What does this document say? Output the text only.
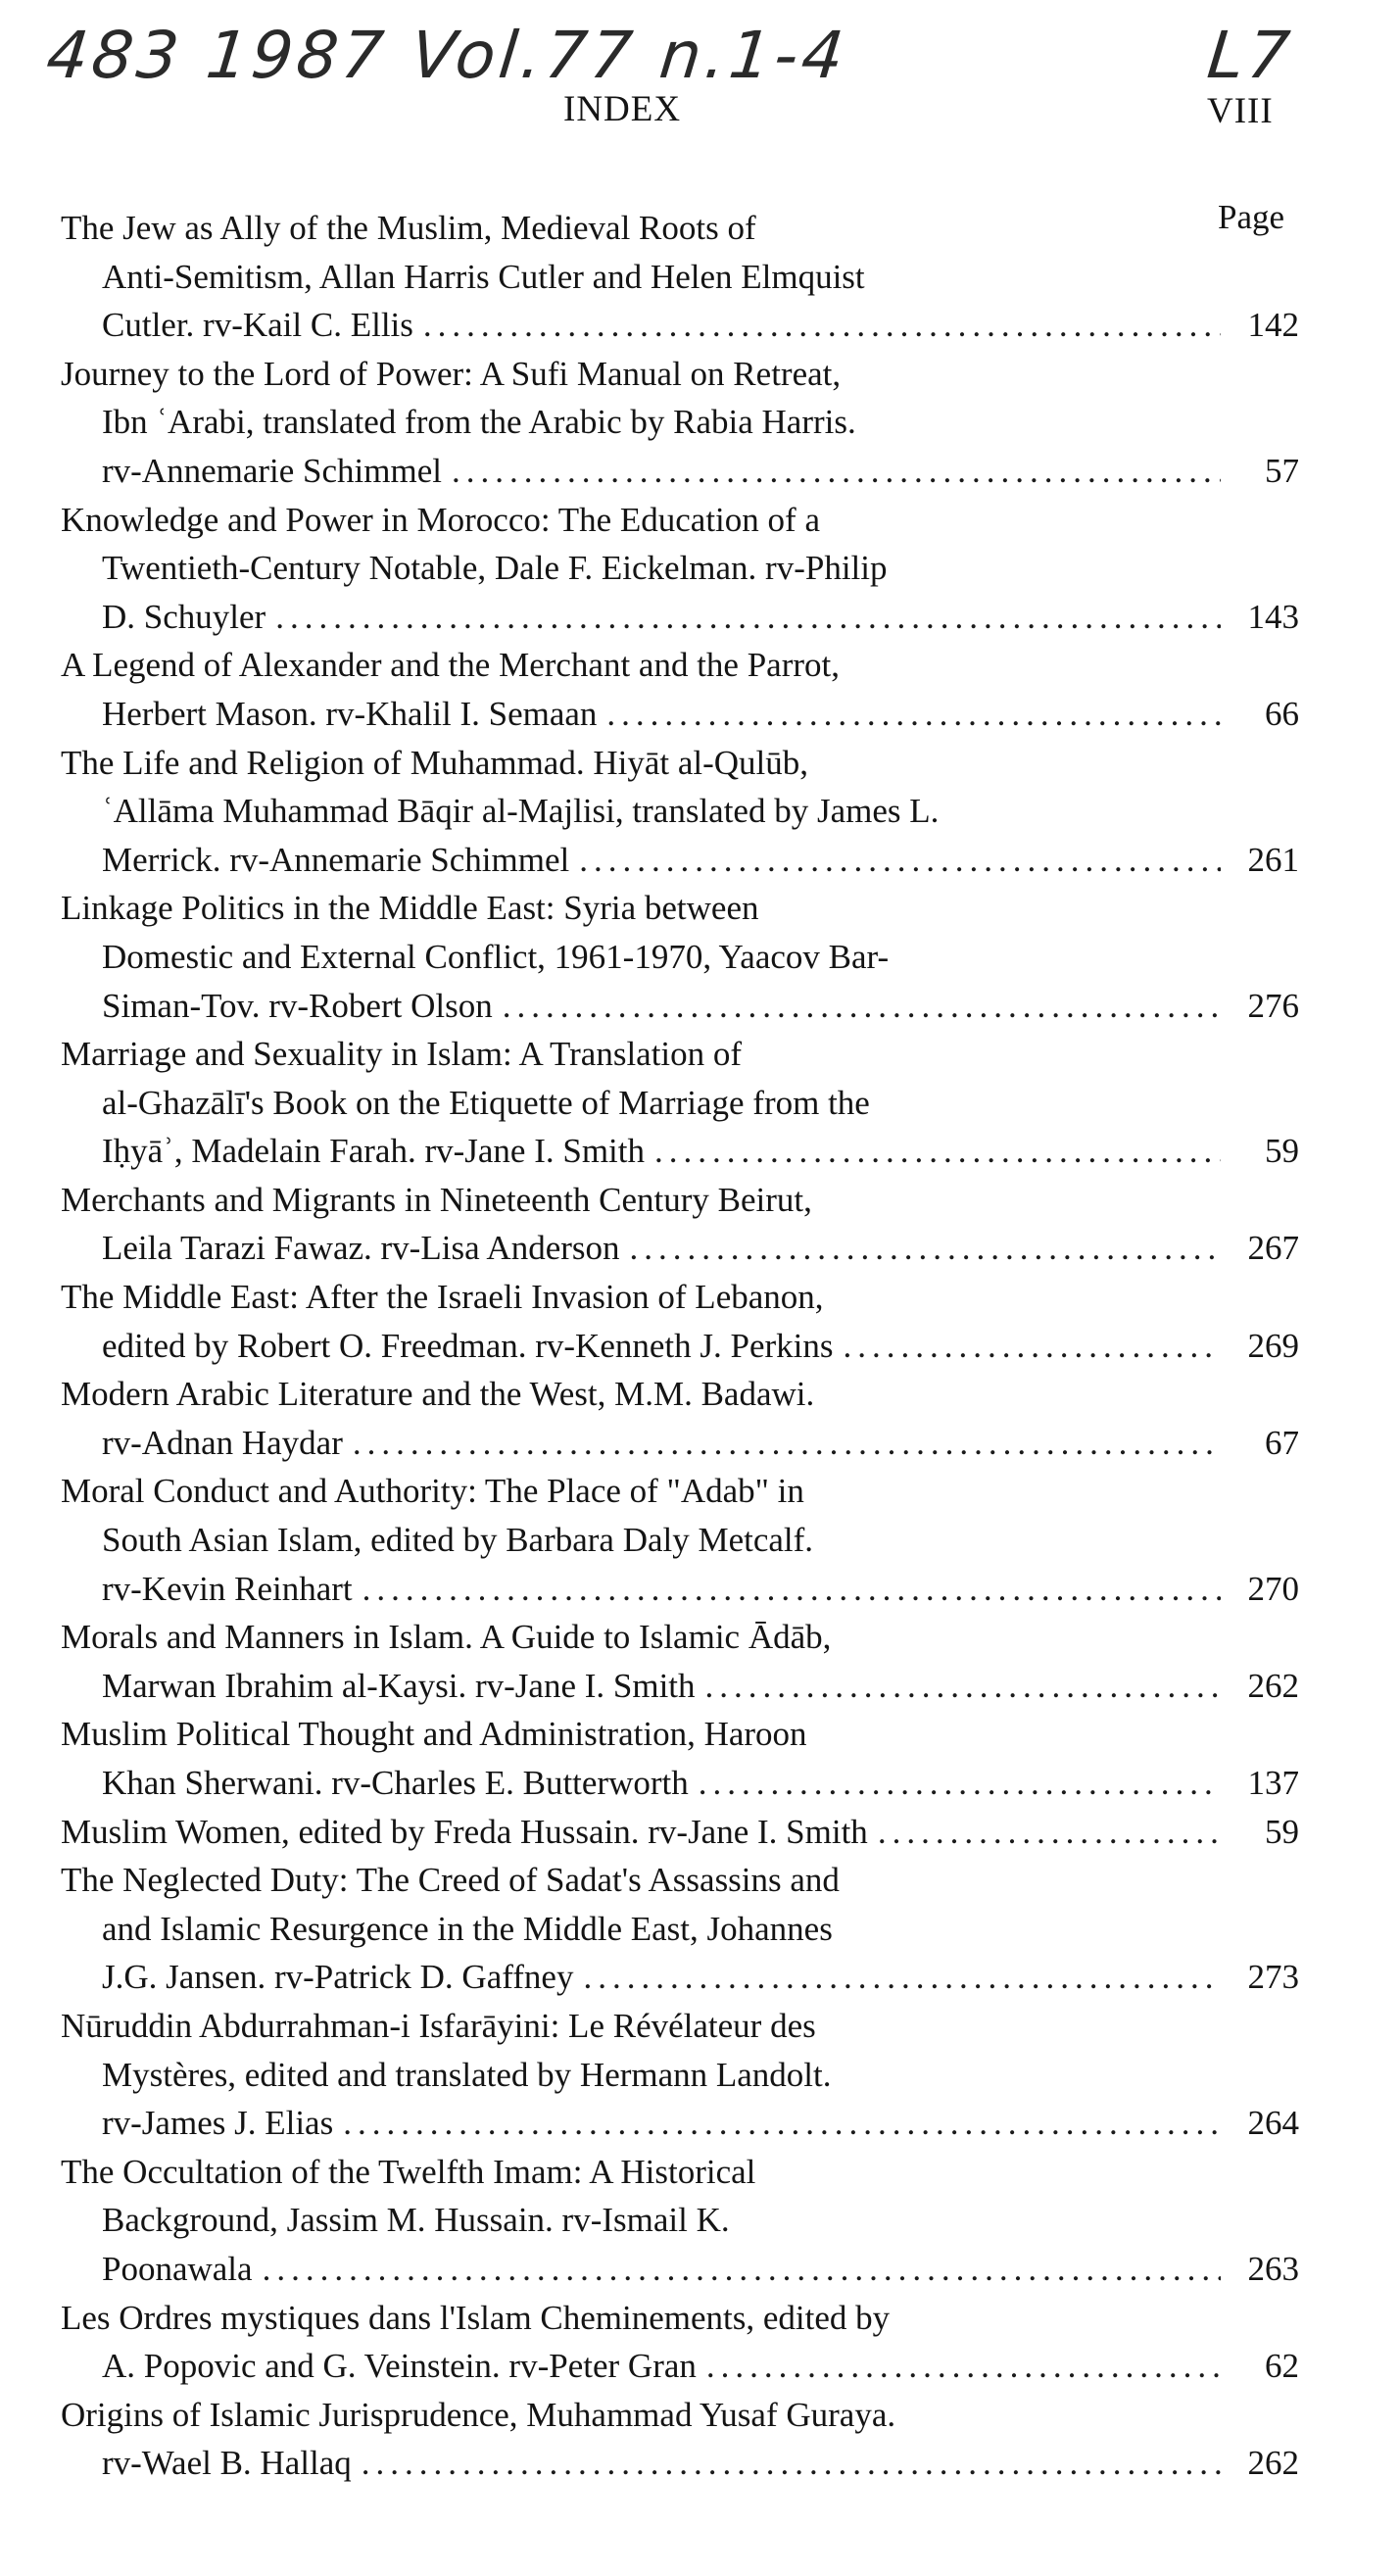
483 1987 Vol.77 n.1-4	L7
INDEX	VIII
Page
The Jew as Ally of the Muslim, Medieval Roots of
Anti-Semitism, Allan Harris Cutler and Helen Elmquist
Cutler. rv-Kail C. Ellis .....	142
Journey to the Lord of Power: A Sufi Manual on Retreat,
Ibn ʿArabi, translated from the Arabic by Rabia Harris.
rv-Annemarie Schimmel .....	57
Knowledge and Power in Morocco: The Education of a
Twentieth-Century Notable, Dale F. Eickelman. rv-Philip
D. Schuyler .....	143
A Legend of Alexander and the Merchant and the Parrot,
Herbert Mason. rv-Khalil I. Semaan .....	66
The Life and Religion of Muhammad. Hiyāt al-Qulūb,
ʿAllāma Muhammad Bāqir al-Majlisi, translated by James L.
Merrick. rv-Annemarie Schimmel .....	261
Linkage Politics in the Middle East: Syria between
Domestic and External Conflict, 1961-1970, Yaacov Bar-
Siman-Tov. rv-Robert Olson .....	276
Marriage and Sexuality in Islam: A Translation of
al-Ghazālī's Book on the Etiquette of Marriage from the
Iḥyāʾ, Madelain Farah. rv-Jane I. Smith .....	59
Merchants and Migrants in Nineteenth Century Beirut,
Leila Tarazi Fawaz. rv-Lisa Anderson .....	267
The Middle East: After the Israeli Invasion of Lebanon,
edited by Robert O. Freedman. rv-Kenneth J. Perkins .....	269
Modern Arabic Literature and the West, M.M. Badawi.
rv-Adnan Haydar .....	67
Moral Conduct and Authority: The Place of "Adab" in
South Asian Islam, edited by Barbara Daly Metcalf.
rv-Kevin Reinhart .....	270
Morals and Manners in Islam. A Guide to Islamic Ādāb,
Marwan Ibrahim al-Kaysi. rv-Jane I. Smith .....	262
Muslim Political Thought and Administration, Haroon
Khan Sherwani. rv-Charles E. Butterworth .....	137
Muslim Women, edited by Freda Hussain. rv-Jane I. Smith .....	59
The Neglected Duty: The Creed of Sadat's Assassins and
and Islamic Resurgence in the Middle East, Johannes
J.G. Jansen. rv-Patrick D. Gaffney .....	273
Nūruddin Abdurrahman-i Isfarāyini: Le Révélateur des
Mystères, edited and translated by Hermann Landolt.
rv-James J. Elias .....	264
The Occultation of the Twelfth Imam: A Historical
Background, Jassim M. Hussain. rv-Ismail K.
Poonawala .....	263
Les Ordres mystiques dans l'Islam Cheminements, edited by
A. Popovic and G. Veinstein. rv-Peter Gran .....	62
Origins of Islamic Jurisprudence, Muhammad Yusaf Guraya.
rv-Wael B. Hallaq .....	262
